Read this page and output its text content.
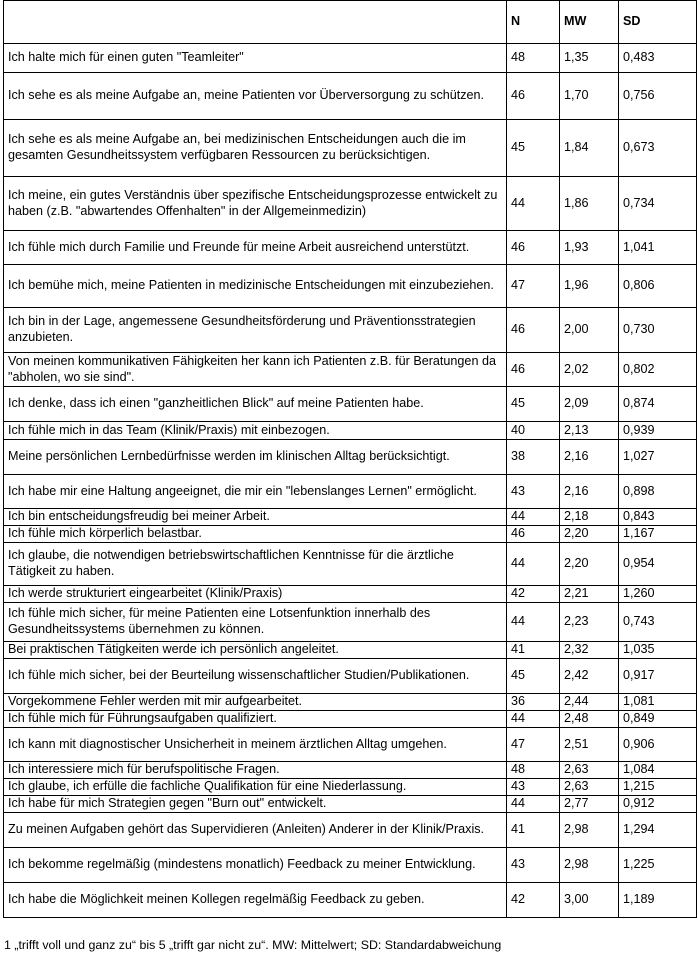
	N	MW	SD
Ich halte mich für einen guten "Teamleiter"	48	1,35	0,483
Ich sehe es als meine Aufgabe an, meine Patienten vor Überversorgung zu schützen.	46	1,70	0,756
Ich sehe es als meine Aufgabe an, bei medizinischen Entscheidungen auch die im gesamten Gesundheitssystem verfügbaren Ressourcen zu berücksichtigen.	45	1,84	0,673
Ich meine, ein gutes Verständnis über spezifische Entscheidungsprozesse entwickelt zu haben (z.B. "abwartendes Offenhalten" in der Allgemeinmedizin)	44	1,86	0,734
Ich fühle mich durch Familie und Freunde für meine Arbeit ausreichend unterstützt.	46	1,93	1,041
Ich bemühe mich, meine Patienten in medizinische Entscheidungen mit einzubeziehen.	47	1,96	0,806
Ich bin in der Lage, angemessene Gesundheitsförderung und Präventionsstrategien anzubieten.	46	2,00	0,730
Von meinen kommunikativen Fähigkeiten her kann ich Patienten z.B. für Beratungen da "abholen, wo sie sind".	46	2,02	0,802
Ich denke, dass ich einen "ganzheitlichen Blick" auf meine Patienten habe.	45	2,09	0,874
Ich fühle mich in das Team (Klinik/Praxis) mit einbezogen.	40	2,13	0,939
Meine persönlichen Lernbedürfnisse werden im klinischen Alltag berücksichtigt.	38	2,16	1,027
Ich habe mir eine Haltung angeeignet, die mir ein "lebenslanges Lernen" ermöglicht.	43	2,16	0,898
Ich bin entscheidungsfreudig bei meiner Arbeit.	44	2,18	0,843
Ich fühle mich körperlich belastbar.	46	2,20	1,167
Ich glaube, die notwendigen betriebswirtschaftlichen Kenntnisse für die ärztliche Tätigkeit zu haben.	44	2,20	0,954
Ich werde strukturiert eingearbeitet (Klinik/Praxis)	42	2,21	1,260
Ich fühle mich sicher, für meine Patienten eine Lotsenfunktion innerhalb des Gesundheitssystems übernehmen zu können.	44	2,23	0,743
Bei praktischen Tätigkeiten werde ich persönlich angeleitet.	41	2,32	1,035
Ich fühle mich sicher, bei der Beurteilung wissenschaftlicher Studien/Publikationen.	45	2,42	0,917
Vorgekommene Fehler werden mit mir aufgearbeitet.	36	2,44	1,081
Ich fühle mich für Führungsaufgaben qualifiziert.	44	2,48	0,849
Ich kann mit diagnostischer Unsicherheit in meinem ärztlichen Alltag umgehen.	47	2,51	0,906
Ich interessiere mich für berufspolitische Fragen.	48	2,63	1,084
Ich glaube, ich erfülle die fachliche Qualifikation für eine Niederlassung.	43	2,63	1,215
Ich habe für mich Strategien gegen "Burn out" entwickelt.	44	2,77	0,912
Zu meinen Aufgaben gehört das Supervidieren (Anleiten) Anderer in der Klinik/Praxis.	41	2,98	1,294
Ich bekomme regelmäßig (mindestens monatlich) Feedback zu meiner Entwicklung.	43	2,98	1,225
Ich habe die Möglichkeit meinen Kollegen regelmäßig Feedback zu geben.	42	3,00	1,189
1 „trifft voll und ganz zu“ bis 5 „trifft gar nicht zu“. MW: Mittelwert; SD: Standardabweichung
